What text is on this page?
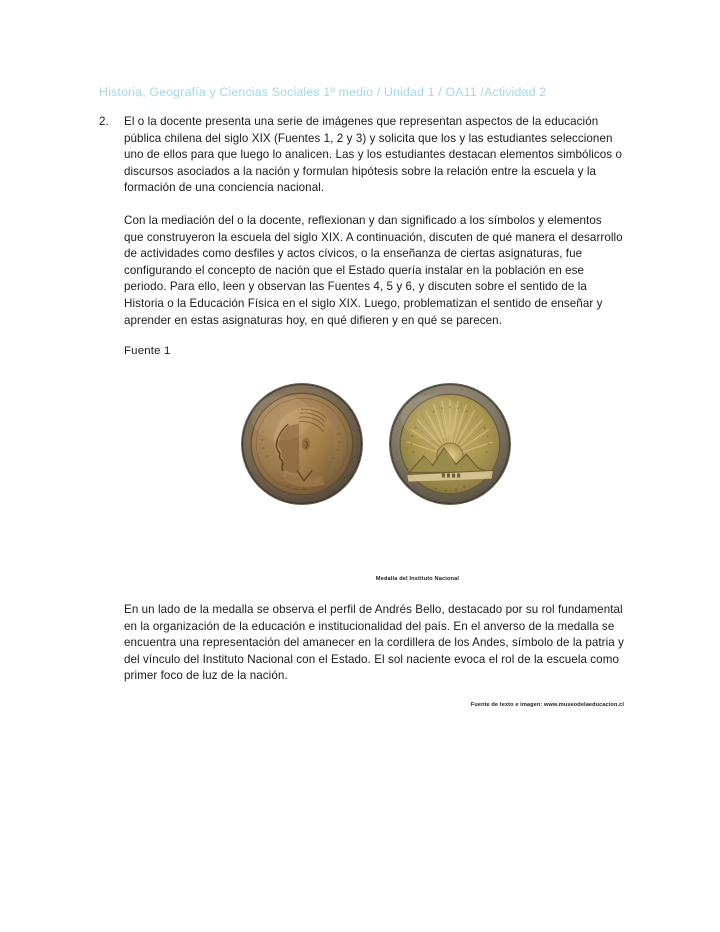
Historia, Geografía y Ciencias Sociales 1º medio / Unidad 1 / OA11 /Actividad 2
2.	El o la docente presenta una serie de imágenes que representan aspectos de la educación pública chilena del siglo XIX (Fuentes 1, 2 y 3) y solicita que los y las estudiantes seleccionen uno de ellos para que luego lo analicen. Las y los estudiantes destacan elementos simbólicos o discursos asociados a la nación y formulan hipótesis sobre la relación entre la escuela y la formación de una conciencia nacional.

Con la mediación del o la docente, reflexionan y dan significado a los símbolos y elementos que construyeron la escuela del siglo XIX. A continuación, discuten de qué manera el desarrollo de actividades como desfiles y actos cívicos, o la enseñanza de ciertas asignaturas, fue configurando el concepto de nación que el Estado quería instalar en la población en ese periodo. Para ello, leen y observan las Fuentes 4, 5 y 6, y discuten sobre el sentido de la Historia o la Educación Física en el siglo XIX. Luego, problematizan el sentido de enseñar y aprender en estas asignaturas hoy, en qué difieren y en qué se parecen.

Fuente 1
Medalla del Instituto Nacional

En un lado de la medalla se observa el perfil de Andrés Bello, destacado por su rol fundamental en la organización de la educación e institucionalidad del país. En el anverso de la medalla se encuentra una representación del amanecer en la cordillera de los Andes, símbolo de la patria y del vínculo del Instituto Nacional con el Estado. El sol naciente evoca el rol de la escuela como primer foco de luz de la nación.

Fuente de texto e imagen: www.museodelaeducacion.cl
